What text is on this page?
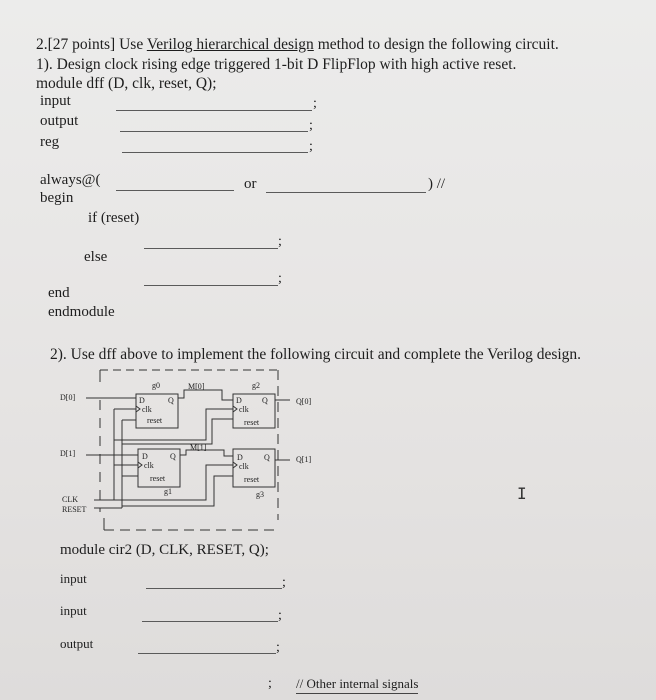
2.[27 points] Use Verilog hierarchical design method to design the following circuit.
1). Design clock rising edge triggered 1-bit D FlipFlop with high active reset.
module dff (D, clk, reset, Q);
input	;
output	;
reg	;
always@(	or	) //
begin
if (reset)
;
else
;
end
endmodule
2). Use dff above to implement the following circuit and complete the Verilog design.
D[0]
D[1]
CLK
RESET
g0	M[0]	g2
M[1]
g1	g3
Q[0]
Q[1]
D	Q
clk
reset
D	Q
clk
reset
D	Q
clk
reset
D	Q
clk
reset
I
module cir2 (D, CLK, RESET, Q);
input	;
input	;
output	;
; // Other internal signals
